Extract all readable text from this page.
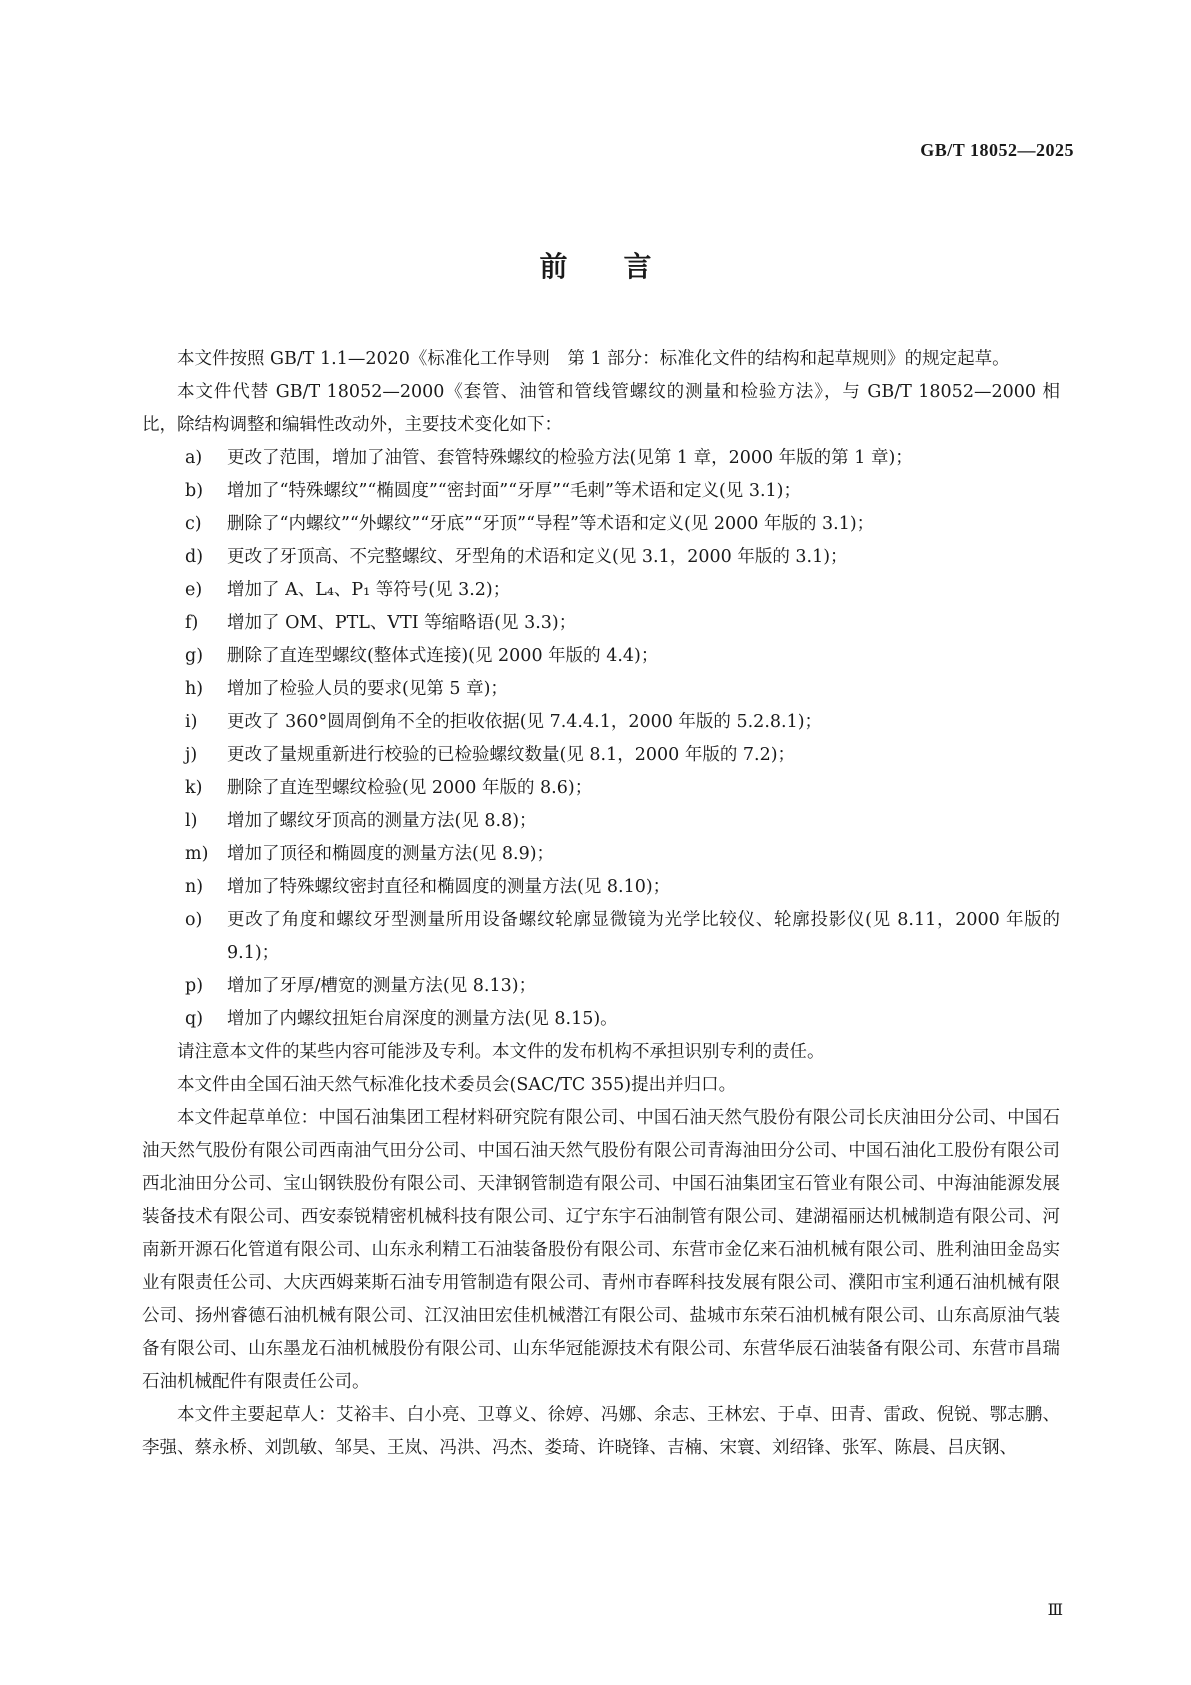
GB/T 18052—2025
前　　言

本文件按照 GB/T 1.1—2020《标准化工作导则　第 1 部分：标准化文件的结构和起草规则》的规定起草。

本文件代替 GB/T 18052—2000《套管、油管和管线管螺纹的测量和检验方法》，与 GB/T 18052—2000 相比，除结构调整和编辑性改动外，主要技术变化如下：

a)	更改了范围，增加了油管、套管特殊螺纹的检验方法(见第 1 章，2000 年版的第 1 章)；
b)	增加了“特殊螺纹”“椭圆度”“密封面”“牙厚”“毛刺”等术语和定义(见 3.1)；
c)	删除了“内螺纹”“外螺纹”“牙底”“牙顶”“导程”等术语和定义(见 2000 年版的 3.1)；
d)	更改了牙顶高、不完整螺纹、牙型角的术语和定义(见 3.1，2000 年版的 3.1)；
e)	增加了 A、L₄、P₁ 等符号(见 3.2)；
f)	增加了 OM、PTL、VTI 等缩略语(见 3.3)；
g)	删除了直连型螺纹(整体式连接)(见 2000 年版的 4.4)；
h)	增加了检验人员的要求(见第 5 章)；
i)	更改了 360°圆周倒角不全的拒收依据(见 7.4.4.1，2000 年版的 5.2.8.1)；
j)	更改了量规重新进行校验的已检验螺纹数量(见 8.1，2000 年版的 7.2)；
k)	删除了直连型螺纹检验(见 2000 年版的 8.6)；
l)	增加了螺纹牙顶高的测量方法(见 8.8)；
m)	增加了顶径和椭圆度的测量方法(见 8.9)；
n)	增加了特殊螺纹密封直径和椭圆度的测量方法(见 8.10)；
o)	更改了角度和螺纹牙型测量所用设备螺纹轮廓显微镜为光学比较仪、轮廓投影仪(见 8.11，2000 年版的 9.1)；
p)	增加了牙厚/槽宽的测量方法(见 8.13)；
q)	增加了内螺纹扭矩台肩深度的测量方法(见 8.15)。

请注意本文件的某些内容可能涉及专利。本文件的发布机构不承担识别专利的责任。

本文件由全国石油天然气标准化技术委员会(SAC/TC 355)提出并归口。

本文件起草单位：中国石油集团工程材料研究院有限公司、中国石油天然气股份有限公司长庆油田分公司、中国石油天然气股份有限公司西南油气田分公司、中国石油天然气股份有限公司青海油田分公司、中国石油化工股份有限公司西北油田分公司、宝山钢铁股份有限公司、天津钢管制造有限公司、中国石油集团宝石管业有限公司、中海油能源发展装备技术有限公司、西安泰锐精密机械科技有限公司、辽宁东宇石油制管有限公司、建湖福丽达机械制造有限公司、河南新开源石化管道有限公司、山东永利精工石油装备股份有限公司、东营市金亿来石油机械有限公司、胜利油田金岛实业有限责任公司、大庆西姆莱斯石油专用管制造有限公司、青州市春晖科技发展有限公司、濮阳市宝利通石油机械有限公司、扬州睿德石油机械有限公司、江汉油田宏佳机械潜江有限公司、盐城市东荣石油机械有限公司、山东高原油气装备有限公司、山东墨龙石油机械股份有限公司、山东华冠能源技术有限公司、东营华辰石油装备有限公司、东营市昌瑞石油机械配件有限责任公司。

本文件主要起草人：艾裕丰、白小亮、卫尊义、徐婷、冯娜、余志、王林宏、于卓、田青、雷政、倪锐、鄂志鹏、李强、蔡永桥、刘凯敏、邹昊、王岚、冯洪、冯杰、娄琦、许晓锋、吉楠、宋寰、刘绍锋、张军、陈晨、吕庆钢、

Ⅲ
